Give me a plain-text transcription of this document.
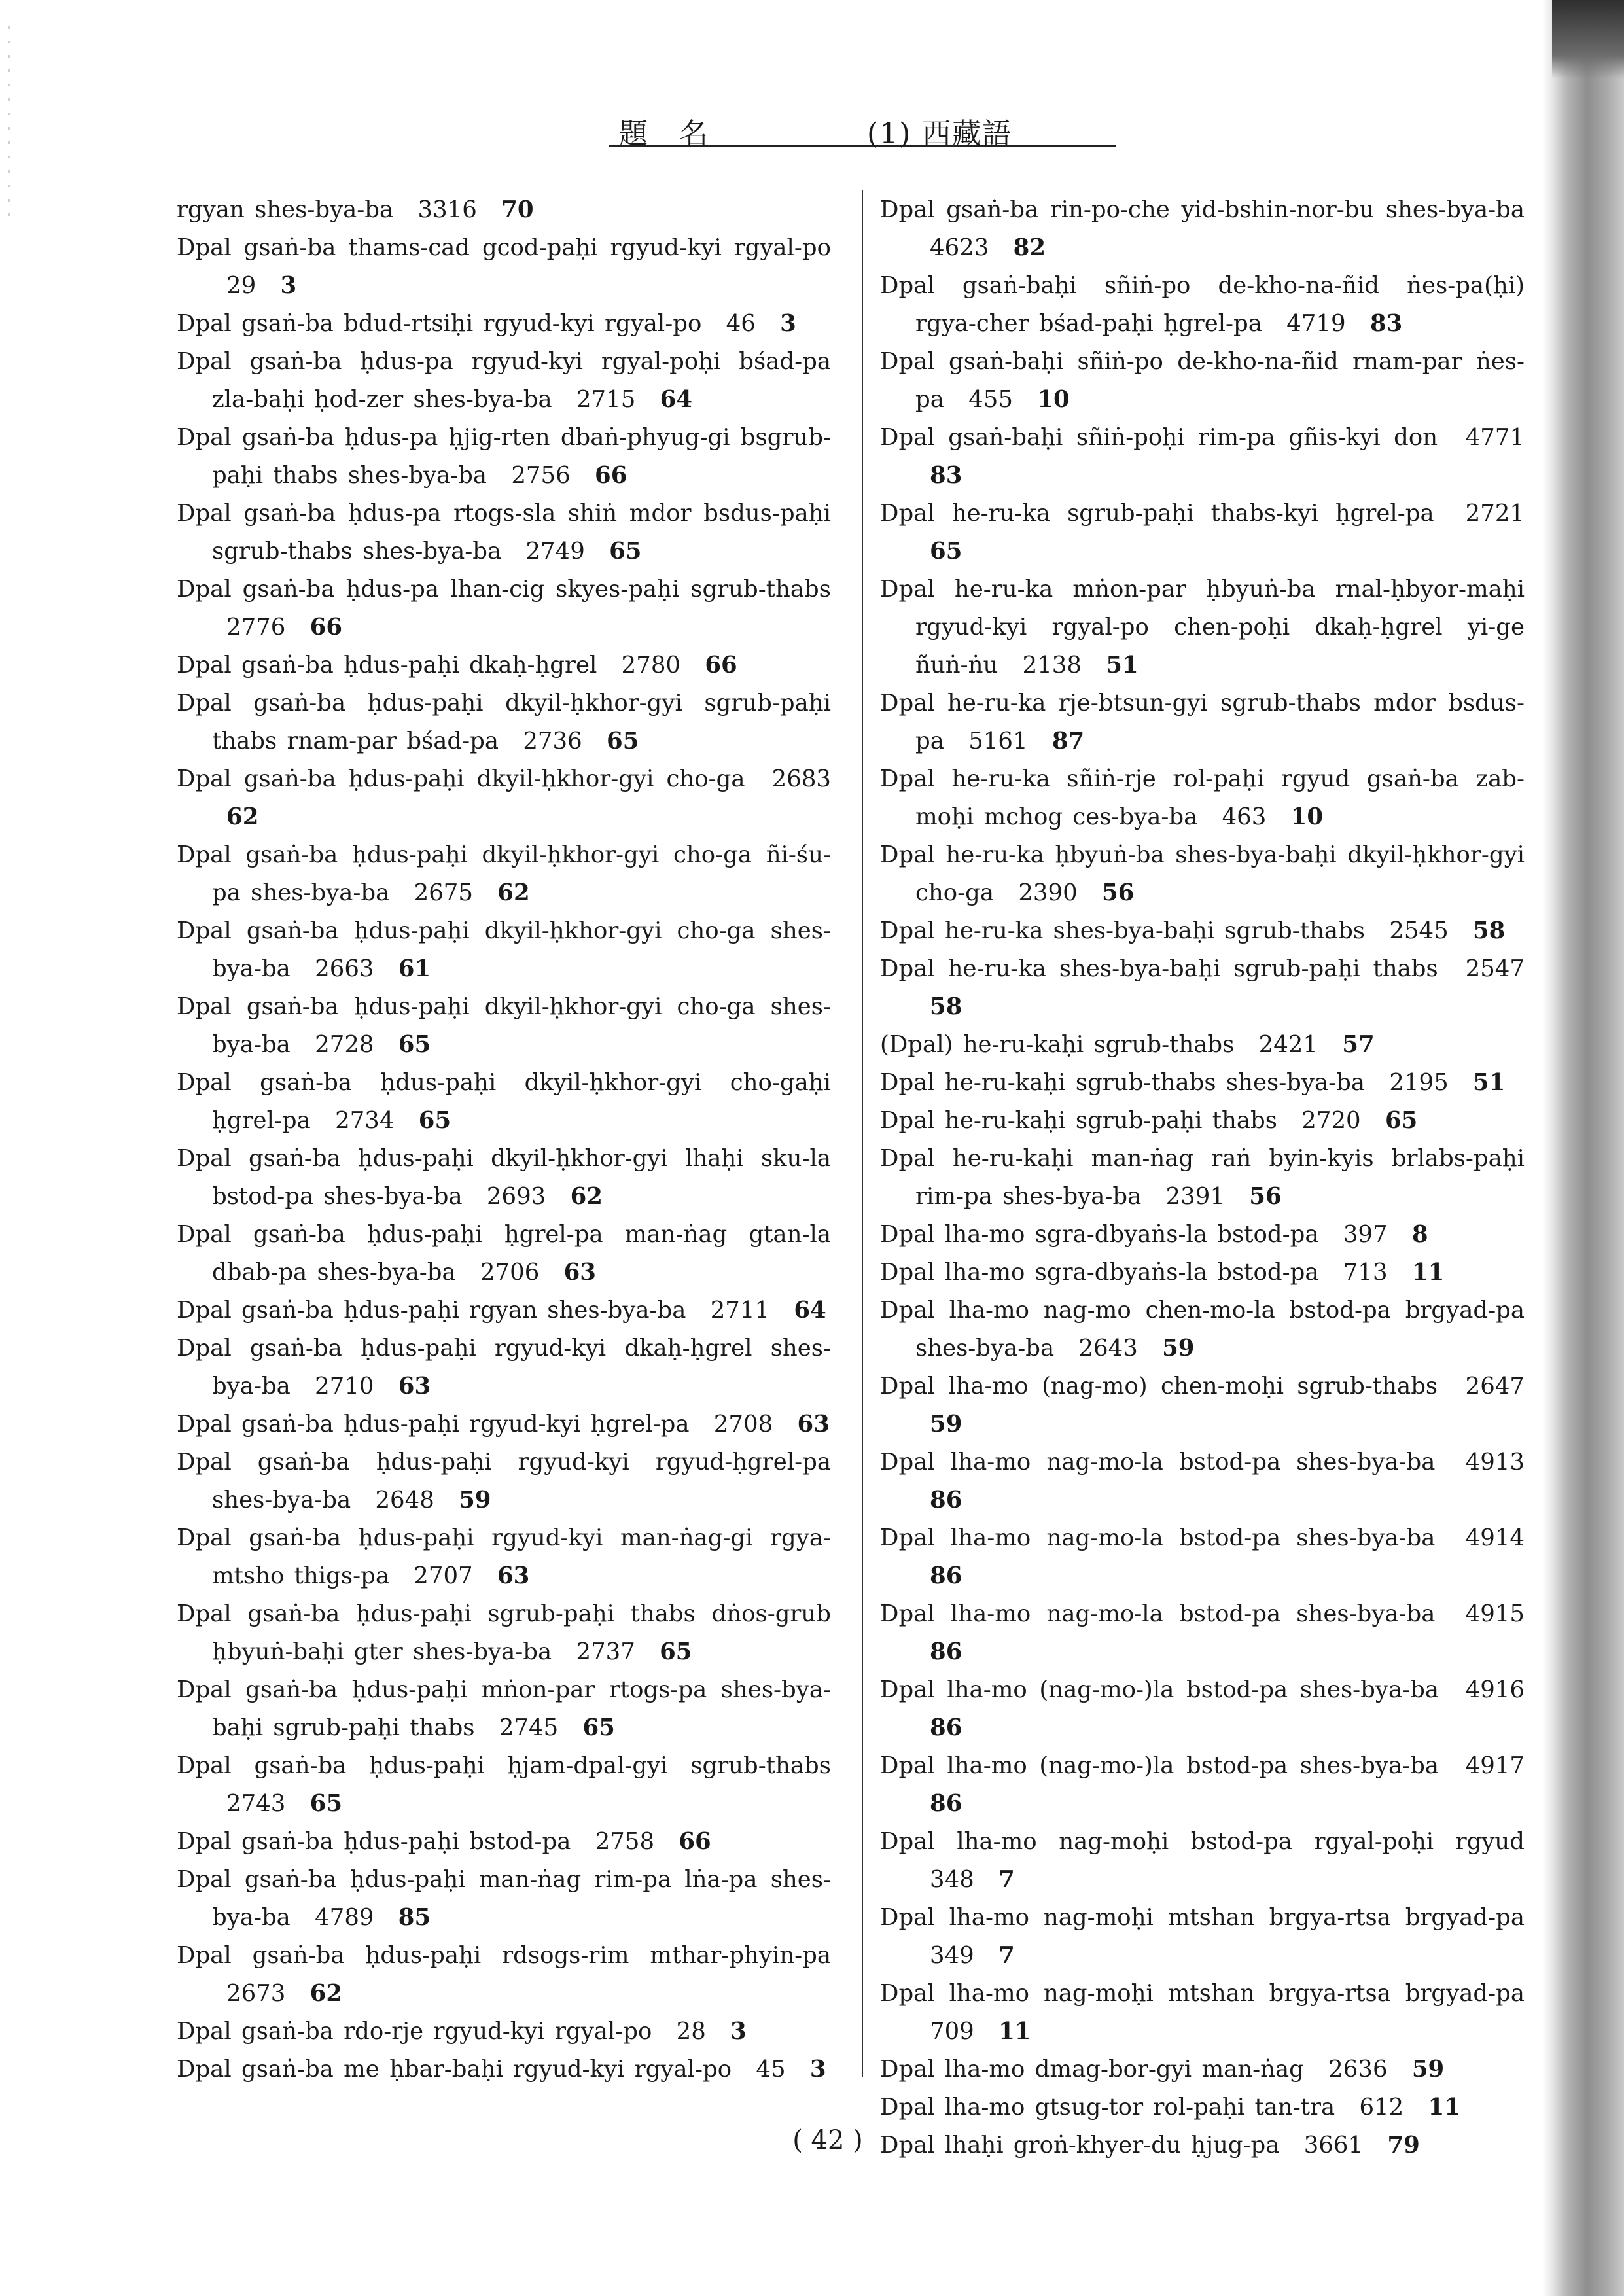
題　名	(1) 西藏語
rgyan shes-bya-ba 3316 70
Dpal gsaṅ-ba thams-cad gcod-paḥi rgyud-kyi rgyal-po 29 3
Dpal gsaṅ-ba bdud-rtsiḥi rgyud-kyi rgyal-po 46 3
Dpal gsaṅ-ba ḥdus-pa rgyud-kyi rgyal-poḥi bśad-pa zla-baḥi ḥod-zer shes-bya-ba 2715 64
Dpal gsaṅ-ba ḥdus-pa ḥjig-rten dbaṅ-phyug-gi bsgrub-paḥi thabs shes-bya-ba 2756 66
Dpal gsaṅ-ba ḥdus-pa rtogs-sla shiṅ mdor bsdus-paḥi sgrub-thabs shes-bya-ba 2749 65
Dpal gsaṅ-ba ḥdus-pa lhan-cig skyes-paḥi sgrub-thabs 2776 66
Dpal gsaṅ-ba ḥdus-paḥi dkaḥ-ḥgrel 2780 66
Dpal gsaṅ-ba ḥdus-paḥi dkyil-ḥkhor-gyi sgrub-paḥi thabs rnam-par bśad-pa 2736 65
Dpal gsaṅ-ba ḥdus-paḥi dkyil-ḥkhor-gyi cho-ga 2683 62
Dpal gsaṅ-ba ḥdus-paḥi dkyil-ḥkhor-gyi cho-ga ñi-śu-pa shes-bya-ba 2675 62
Dpal gsaṅ-ba ḥdus-paḥi dkyil-ḥkhor-gyi cho-ga shes-bya-ba 2663 61
Dpal gsaṅ-ba ḥdus-paḥi dkyil-ḥkhor-gyi cho-ga shes-bya-ba 2728 65
Dpal gsaṅ-ba ḥdus-paḥi dkyil-ḥkhor-gyi cho-gaḥi ḥgrel-pa 2734 65
Dpal gsaṅ-ba ḥdus-paḥi dkyil-ḥkhor-gyi lhaḥi sku-la bstod-pa shes-bya-ba 2693 62
Dpal gsaṅ-ba ḥdus-paḥi ḥgrel-pa man-ṅag gtan-la dbab-pa shes-bya-ba 2706 63
Dpal gsaṅ-ba ḥdus-paḥi rgyan shes-bya-ba 2711 64
Dpal gsaṅ-ba ḥdus-paḥi rgyud-kyi dkaḥ-ḥgrel shes-bya-ba 2710 63
Dpal gsaṅ-ba ḥdus-paḥi rgyud-kyi ḥgrel-pa 2708 63
Dpal gsaṅ-ba ḥdus-paḥi rgyud-kyi rgyud-ḥgrel-pa shes-bya-ba 2648 59
Dpal gsaṅ-ba ḥdus-paḥi rgyud-kyi man-ṅag-gi rgya-mtsho thigs-pa 2707 63
Dpal gsaṅ-ba ḥdus-paḥi sgrub-paḥi thabs dṅos-grub ḥbyuṅ-baḥi gter shes-bya-ba 2737 65
Dpal gsaṅ-ba ḥdus-paḥi mṅon-par rtogs-pa shes-bya-baḥi sgrub-paḥi thabs 2745 65
Dpal gsaṅ-ba ḥdus-paḥi ḥjam-dpal-gyi sgrub-thabs 2743 65
Dpal gsaṅ-ba ḥdus-paḥi bstod-pa 2758 66
Dpal gsaṅ-ba ḥdus-paḥi man-ṅag rim-pa lṅa-pa shes-bya-ba 4789 85
Dpal gsaṅ-ba ḥdus-paḥi rdsogs-rim mthar-phyin-pa 2673 62
Dpal gsaṅ-ba rdo-rje rgyud-kyi rgyal-po 28 3
Dpal gsaṅ-ba me ḥbar-baḥi rgyud-kyi rgyal-po 45 3
Dpal gsaṅ-ba rin-po-che yid-bshin-nor-bu shes-bya-ba 4623 82
Dpal gsaṅ-baḥi sñiṅ-po de-kho-na-ñid ṅes-pa(ḥi) rgya-cher bśad-paḥi ḥgrel-pa 4719 83
Dpal gsaṅ-baḥi sñiṅ-po de-kho-na-ñid rnam-par ṅes-pa 455 10
Dpal gsaṅ-baḥi sñiṅ-poḥi rim-pa gñis-kyi don 4771 83
Dpal he-ru-ka sgrub-paḥi thabs-kyi ḥgrel-pa 2721 65
Dpal he-ru-ka mṅon-par ḥbyuṅ-ba rnal-ḥbyor-maḥi rgyud-kyi rgyal-po chen-poḥi dkaḥ-ḥgrel yi-ge ñuṅ-ṅu 2138 51
Dpal he-ru-ka rje-btsun-gyi sgrub-thabs mdor bsdus-pa 5161 87
Dpal he-ru-ka sñiṅ-rje rol-paḥi rgyud gsaṅ-ba zab-moḥi mchog ces-bya-ba 463 10
Dpal he-ru-ka ḥbyuṅ-ba shes-bya-baḥi dkyil-ḥkhor-gyi cho-ga 2390 56
Dpal he-ru-ka shes-bya-baḥi sgrub-thabs 2545 58
Dpal he-ru-ka shes-bya-baḥi sgrub-paḥi thabs 2547 58
(Dpal) he-ru-kaḥi sgrub-thabs 2421 57
Dpal he-ru-kaḥi sgrub-thabs shes-bya-ba 2195 51
Dpal he-ru-kaḥi sgrub-paḥi thabs 2720 65
Dpal he-ru-kaḥi man-ṅag raṅ byin-kyis brlabs-paḥi rim-pa shes-bya-ba 2391 56
Dpal lha-mo sgra-dbyaṅs-la bstod-pa 397 8
Dpal lha-mo sgra-dbyaṅs-la bstod-pa 713 11
Dpal lha-mo nag-mo chen-mo-la bstod-pa brgyad-pa shes-bya-ba 2643 59
Dpal lha-mo (nag-mo) chen-moḥi sgrub-thabs 2647 59
Dpal lha-mo nag-mo-la bstod-pa shes-bya-ba 4913 86
Dpal lha-mo nag-mo-la bstod-pa shes-bya-ba 4914 86
Dpal lha-mo nag-mo-la bstod-pa shes-bya-ba 4915 86
Dpal lha-mo (nag-mo-)la bstod-pa shes-bya-ba 4916 86
Dpal lha-mo (nag-mo-)la bstod-pa shes-bya-ba 4917 86
Dpal lha-mo nag-moḥi bstod-pa rgyal-poḥi rgyud 348 7
Dpal lha-mo nag-moḥi mtshan brgya-rtsa brgyad-pa 349 7
Dpal lha-mo nag-moḥi mtshan brgya-rtsa brgyad-pa 709 11
Dpal lha-mo dmag-bor-gyi man-ṅag 2636 59
Dpal lha-mo gtsug-tor rol-paḥi tan-tra 612 11
Dpal lhaḥi groṅ-khyer-du ḥjug-pa 3661 79
( 42 )
